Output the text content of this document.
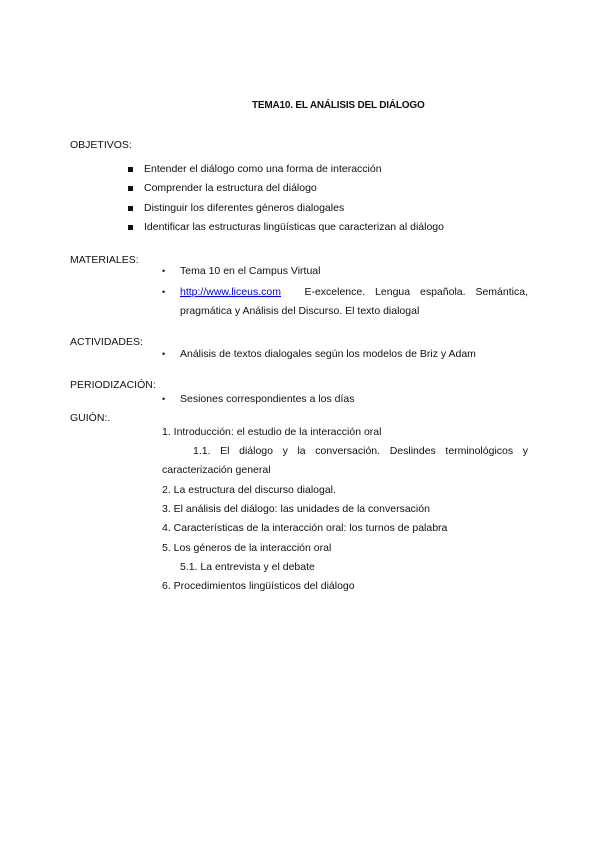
TEMA10. EL ANÁLISIS DEL DIÁLOGO
OBJETIVOS:
Entender el diálogo como una forma de interacción
Comprender la estructura del diálogo
Distinguir los diferentes géneros dialogales
Identificar las estructuras lingüísticas que caracterizan al diálogo
MATERIALES:
• Tema 10 en el Campus Virtual
• http://www.liceus.com E-excelence. Lengua española. Semántica,
pragmática y Análisis del Discurso. El texto dialogal
ACTIVIDADES:
• Análisis de textos dialogales según los modelos de Briz y Adam
PERIODIZACIÓN:
• Sesiones correspondientes a los días
GUIÓN:.
1. Introducción: el estudio de la interacción oral
1.1. El diálogo y la conversación. Deslindes terminológicos y
caracterización general
2. La estructura del discurso dialogal.
3. El análisis del diálogo: las unidades de la conversación
4. Características de la interacción oral: los turnos de palabra
5. Los géneros de la interacción oral
5.1. La entrevista y el debate
6. Procedimientos lingüísticos del diálogo
